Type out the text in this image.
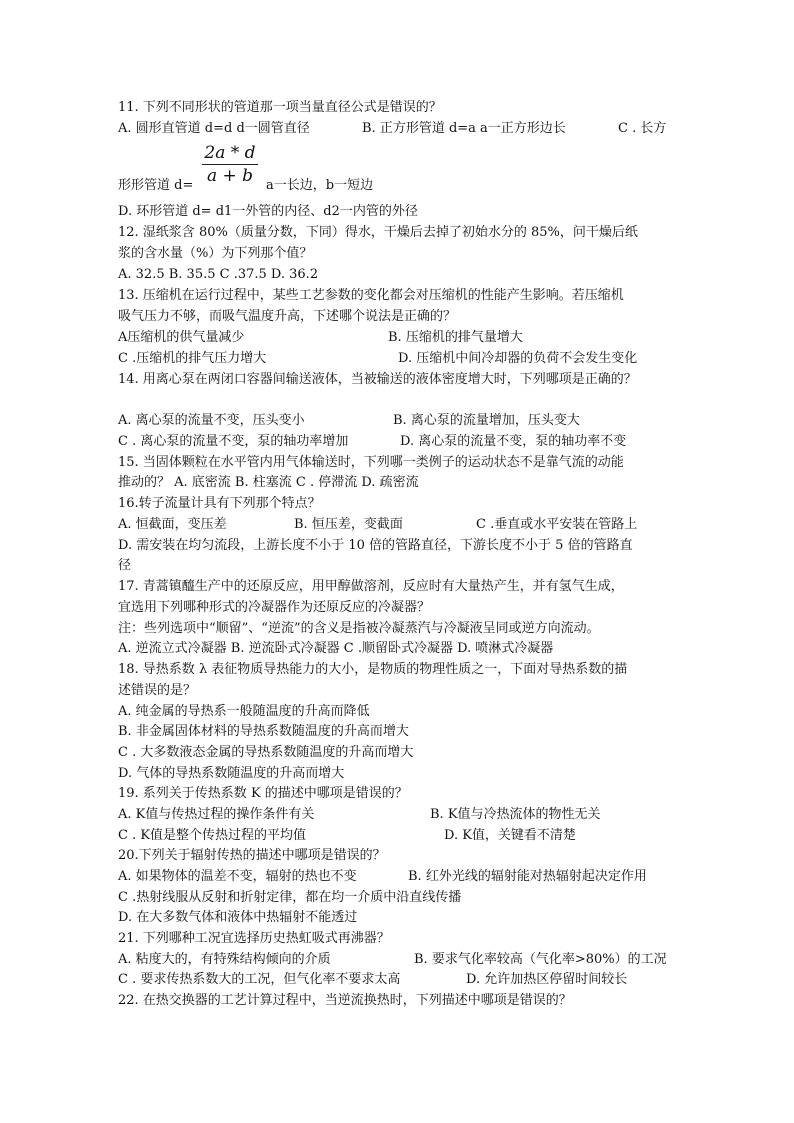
11. 下列不同形状的管道那一项当量直径公式是错误的？
A. 圆形直管道 d=d d一圆管直径	B. 正方形管道 d=a a一正方形边长	C . 长方
2a * d
a + b
形形管道 d=	a一长边，b一短边
D. 环形管道 d= d1一外管的内径、d2一内管的外径
12. 湿纸浆含 80%（质量分数，下同）得水，干燥后去掉了初始水分的 85%，问干燥后纸
浆的含水量（%）为下列那个值？
A. 32.5 B. 35.5 C .37.5 D. 36.2
13. 压缩机在运行过程中，某些工艺参数的变化都会对压缩机的性能产生影响。若压缩机
吸气压力不够，而吸气温度升高，下述哪个说法是正确的？
A压缩机的供气量减少	B. 压缩机的排气量增大
C .压缩机的排气压力增大	D. 压缩机中间冷却器的负荷不会发生变化
14. 用离心泵在两闭口容器间输送液体，当被输送的液体密度增大时，下列哪项是正确的？
A. 离心泵的流量不变，压头变小	B. 离心泵的流量增加，压头变大
C . 离心泵的流量不变，泵的轴功率增加	D. 离心泵的流量不变，泵的轴功率不变
15. 当固体颗粒在水平管内用气体输送时，下列哪一类例子的运动状态不是靠气流的动能
推动的？ A. 底密流 B. 柱塞流 C . 停滞流 D. 疏密流
16.转子流量计具有下列那个特点？
A. 恒截面，变压差	B. 恒压差，变截面	C .垂直或水平安装在管路上
D. 需安装在均匀流段，上游长度不小于 10 倍的管路直径，下游长度不小于 5 倍的管路直
径
17. 青蒿镇醯生产中的还原反应，用甲醇做溶剂，反应时有大量热产生，并有氢气生成，
宜选用下列哪种形式的冷凝器作为还原反应的冷凝器？
注：些列选项中“顺留”、“逆流”的含义是指被冷凝蒸汽与冷凝液呈同或逆方向流动。
A. 逆流立式冷凝器 B. 逆流卧式冷凝器 C .顺留卧式冷凝器 D. 喷淋式冷凝器
18. 导热系数 λ 表征物质导热能力的大小，是物质的物理性质之一，下面对导热系数的描
述错误的是？
A. 纯金属的导热系一般随温度的升高而降低
B. 非金属固体材料的导热系数随温度的升高而增大
C . 大多数液态金属的导热系数随温度的升高而增大
D. 气体的导热系数随温度的升高而增大
19. 系列关于传热系数 K 的描述中哪项是错误的？
A. K值与传热过程的操作条件有关	B. K值与冷热流体的物性无关
C . K值是整个传热过程的平均值	D. K值，关键看不清楚
20.下列关于辐射传热的描述中哪项是错误的？
A. 如果物体的温差不变，辐射的热也不变	B. 红外光线的辐射能对热辐射起决定作用
C .热射线服从反射和折射定律，都在均一介质中沿直线传播
D. 在大多数气体和液体中热辐射不能透过
21. 下列哪种工况宜选择历史热虹吸式再沸器？
A. 粘度大的，有特殊结构倾向的介质	B. 要求气化率较高（气化率>80%）的工况
C . 要求传热系数大的工况，但气化率不要求太高	D. 允许加热区停留时间较长
22. 在热交换器的工艺计算过程中，当逆流换热时，下列描述中哪项是错误的？
